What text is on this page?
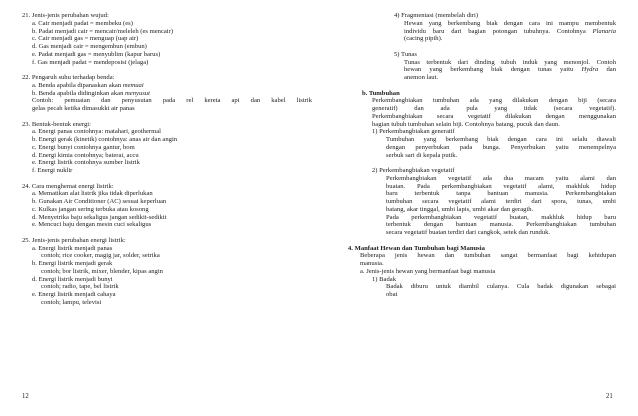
21. Jenis-jenis perubahan wujud:
a. Cair menjadi padat = membeku (es)
b. Padat menjadi cair = mencair/meleleh (es mencair)
c. Cair menjadi gas = menguap (uap air)
d. Gas menjadi cair = mengembun (embun)
e. Padat menjadi gas = menyublim (kapur barus)
f. Gas menjadi padat = mendeposisi (jelaga)
22. Pengaruh suhu terhadap benda:
a. Benda apabila dipanaskan akan memuai
b. Benda apabila didinginkan akan menyusut
Contoh: pemuaian dan penyusutan pada rel kereta api dan kabel listrik
gelas pecah ketika dimasukki air panas
23. Bentuk-bentuk energi:
a. Energi panas contohnya: matahari, geothermal
b. Energi gerak (kinetik) contohnya: anas air dan angin
c. Energi bunyi contohnya gantur, bom
d. Energi kimia contohnya; baterai, accu
e. Energi listrik contohnya sumber listrik
f. Energi nuklir
24. Cara menghemat energi listrik:
a. Mematikan alat listrik jika tidak diperlukan
b. Gunakan Air Conditioner (AC) sesuai keperluan
c. Kulkas jangan sering terbuka atau kosong
d. Menyetrika baju sekaligus jangan sedikit-sedikit
e. Mencuci baju dengan mesin cuci sekaligus
25. Jenis-jenis perubahan energi listrik:
a. Energi listrik menjadi panas
contoh; rice cooker, magig jar, solder, setrika
b. Energi listrik menjadi gerak
contoh; bor listrik, mixer, blender, kipas angin
d. Energi listrik menjadi bunyi
contoh; radio, tape, bel listrik
e. Energi listrik menjadi cahaya
contoh; lampu, televisi
4) Fragmentasi (membelah diri)
Hewan yang berkembang biak dengan cara ini mampu membentuk
individu baru dari bagian potongan tubuhnya. Contohnya Planaria
(cacing pipih).
5) Tunas
Tunas terbentuk dari dinding tubuh induk yang menonjol. Contoh
hewan yang berkembang biak dengan tunas yaitu Hydra dan
anemon laut.
b. Tumbuhan
Perkembangbiakan tumbuhan ada yang dilakukan dengan biji (secara
generatif) dan ada pula yang tidak (secara vegetatif).
Perkembangbiakan secara vegetatif dilakukan dengan menggunakan
bagian tubuh tumbuhan selain biji. Contohnya batang, pucuk dan daun.
1) Perkembangbiakan generatif
Tumbuhan yang berkembang biak dengan cara ini selalu diawali
dengan penyerbukan pada bunga. Penyerbukan yaitu menempelnya
serbuk sari di kepala putik.
2) Perkembangbiakan vegetatif
Perkembangbiakan vegetatif ada dua macam yaitu alami dan
buatan. Pada perkembangbiakan vegetatif alami, makhluk hidup
baru terbentuk tanpa bantuan manusia. Perkembangbiakan
tumbuhan secara vegetatif alami terdiri dari spora, tunas, umbi
batang, akar tinggal, umbi lapis, umbi akar dan geragih.
Pada perkembangbiakan vegetatif buatan, makhluk hidup baru
terbentuk dengan bantuan manusia. Perkembangbiakan tumbuhan
secara vegetatif buatan terdiri dari cangkok, setek dan runduk.
4. Manfaat Hewan dan Tumbuhan bagi Manusia
Beberapa jenis hewan dan tumbuhan sangat bermanfaat bagi kehidupan
manusia.
a. Jenis-jenis hewan yang bermanfaat bagi manusia
1) Badak
Badak diburu untuk diambil culanya. Cula badak digunakan sebagai
obat
12	21
